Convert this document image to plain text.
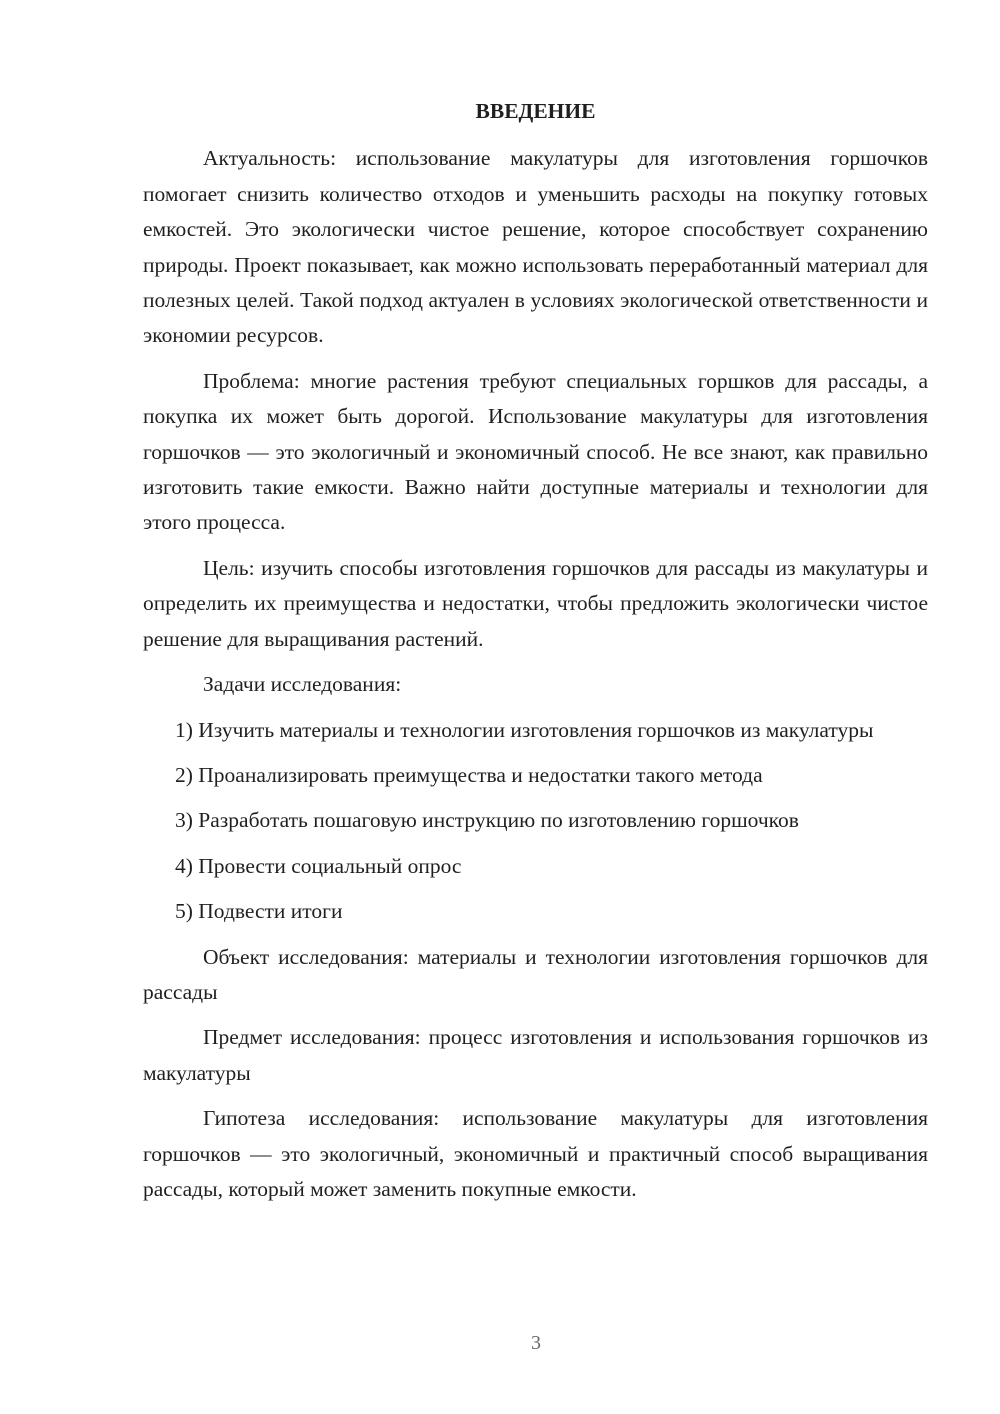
ВВЕДЕНИЕ

Актуальность: использование макулатуры для изготовления горшочков помогает снизить количество отходов и уменьшить расходы на покупку готовых емкостей. Это экологически чистое решение, которое способствует сохранению природы. Проект показывает, как можно использовать переработанный материал для полезных целей. Такой подход актуален в условиях экологической ответственности и экономии ресурсов.

Проблема: многие растения требуют специальных горшков для рассады, а покупка их может быть дорогой. Использование макулатуры для изготовления горшочков — это экологичный и экономичный способ. Не все знают, как правильно изготовить такие емкости. Важно найти доступные материалы и технологии для этого процесса.

Цель: изучить способы изготовления горшочков для рассады из макулатуры и определить их преимущества и недостатки, чтобы предложить экологически чистое решение для выращивания растений.

Задачи исследования:

1) Изучить материалы и технологии изготовления горшочков из макулатуры

2) Проанализировать преимущества и недостатки такого метода

3) Разработать пошаговую инструкцию по изготовлению горшочков

4) Провести социальный опрос

5) Подвести итоги

Объект исследования: материалы и технологии изготовления горшочков для рассады

Предмет исследования: процесс изготовления и использования горшочков из макулатуры

Гипотеза исследования: использование макулатуры для изготовления горшочков — это экологичный, экономичный и практичный способ выращивания рассады, который может заменить покупные емкости.

3
